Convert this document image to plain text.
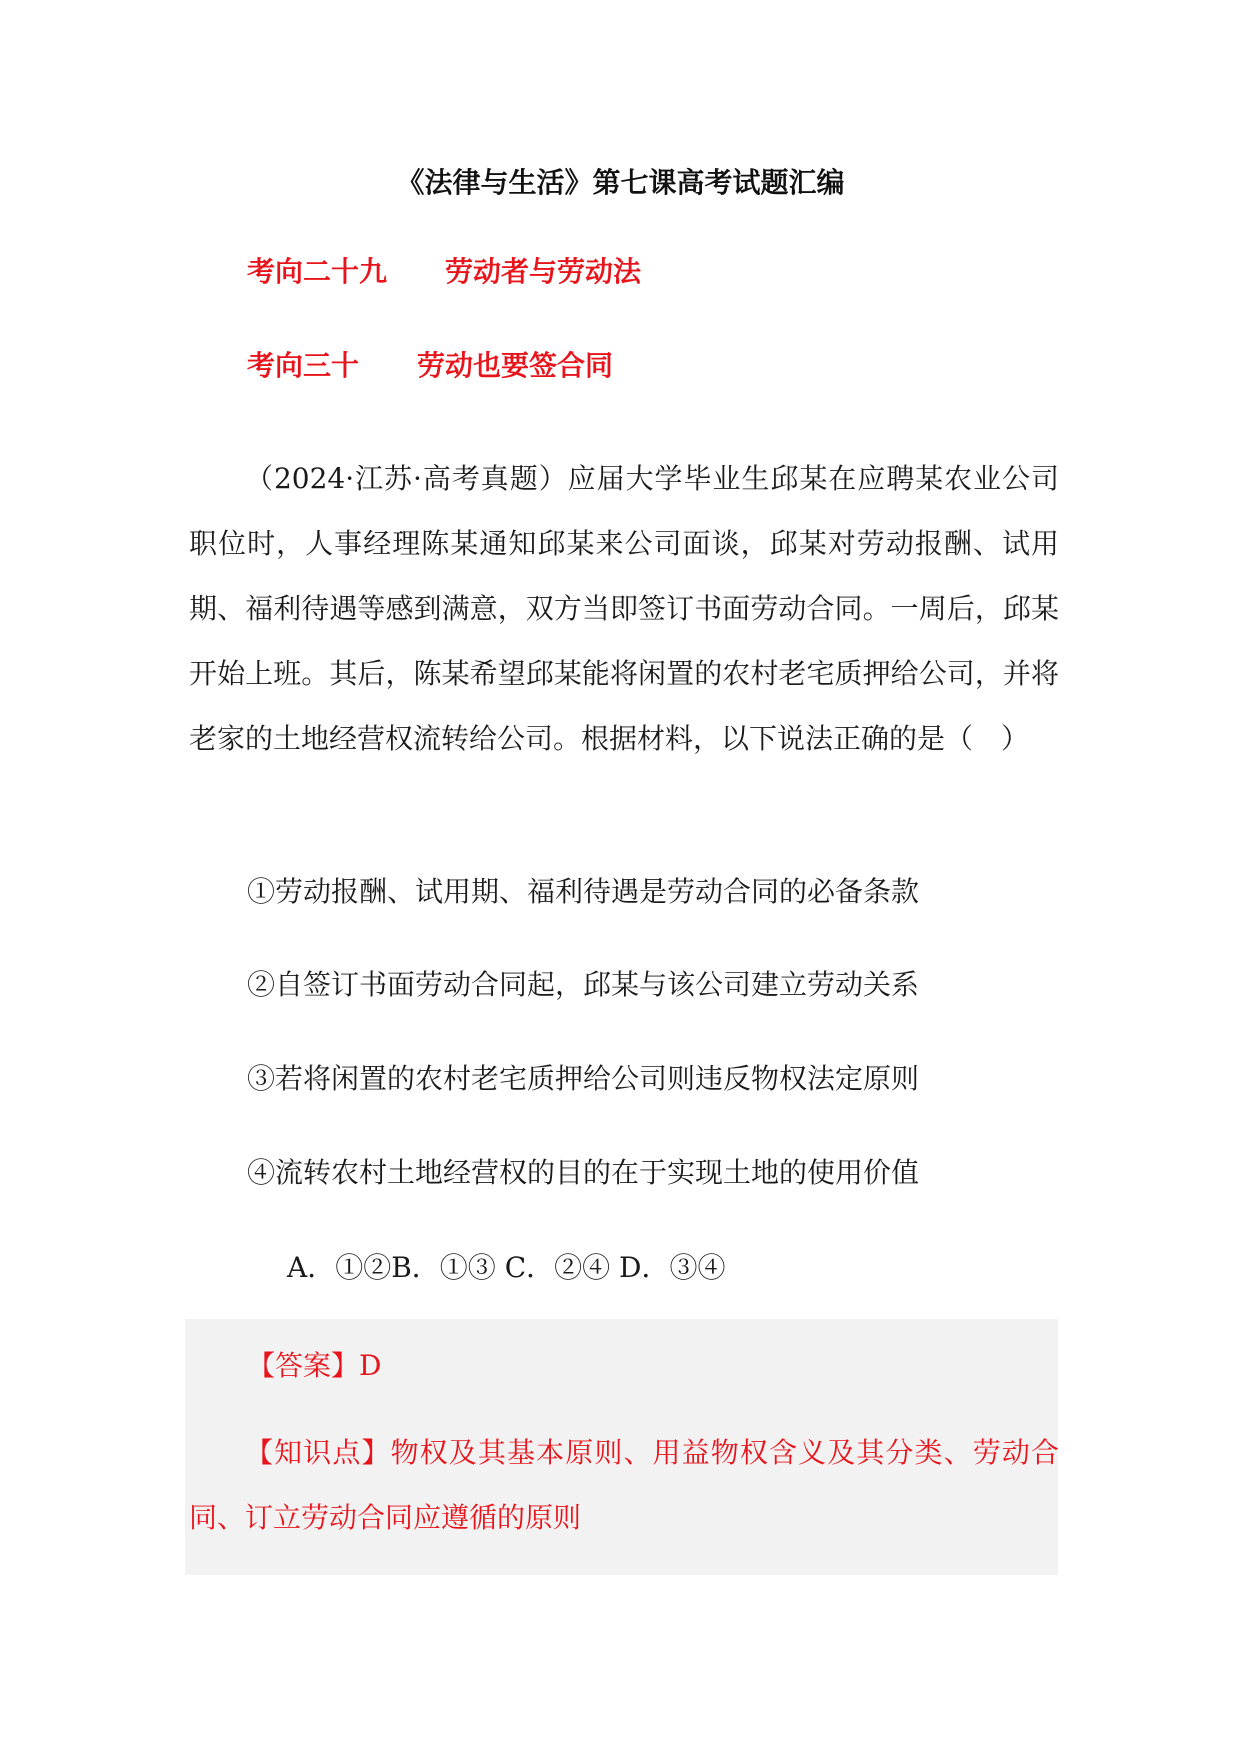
《法律与生活》第七课高考试题汇编
考向二十九 劳动者与劳动法
考向三十 劳动也要签合同

（2024·江苏·高考真题）应届大学毕业生邱某在应聘某农业公司职位时，人事经理陈某通知邱某来公司面谈，邱某对劳动报酬、试用期、福利待遇等感到满意，双方当即签订书面劳动合同。一周后，邱某开始上班。其后，陈某希望邱某能将闲置的农村老宅质押给公司，并将老家的土地经营权流转给公司。根据材料，以下说法正确的是（　）

①劳动报酬、试用期、福利待遇是劳动合同的必备条款

②自签订书面劳动合同起，邱某与该公司建立劳动关系

③若将闲置的农村老宅质押给公司则违反物权法定原则

④流转农村土地经营权的目的在于实现土地的使用价值

A．①②B．①③ C．②④ D．③④

【答案】D

【知识点】物权及其基本原则、用益物权含义及其分类、劳动合同、订立劳动合同应遵循的原则
